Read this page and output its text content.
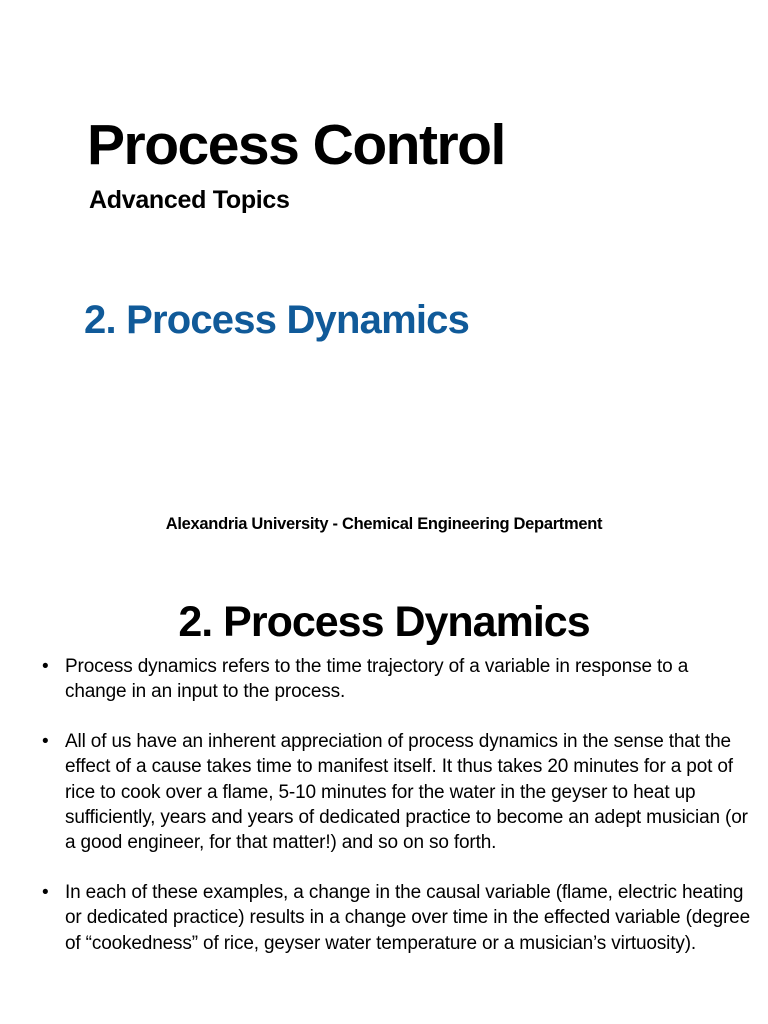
Process Control
Advanced Topics
2. Process Dynamics

Alexandria University - Chemical Engineering Department

2. Process Dynamics
• Process dynamics refers to the time trajectory of a variable in response to a change in an input to the process.
• All of us have an inherent appreciation of process dynamics in the sense that the effect of a cause takes time to manifest itself. It thus takes 20 minutes for a pot of rice to cook over a flame, 5-10 minutes for the water in the geyser to heat up sufficiently, years and years of dedicated practice to become an adept musician (or a good engineer, for that matter!) and so on so forth.
• In each of these examples, a change in the causal variable (flame, electric heating or dedicated practice) results in a change over time in the effected variable (degree of “cookedness” of rice, geyser water temperature or a musician’s virtuosity).
